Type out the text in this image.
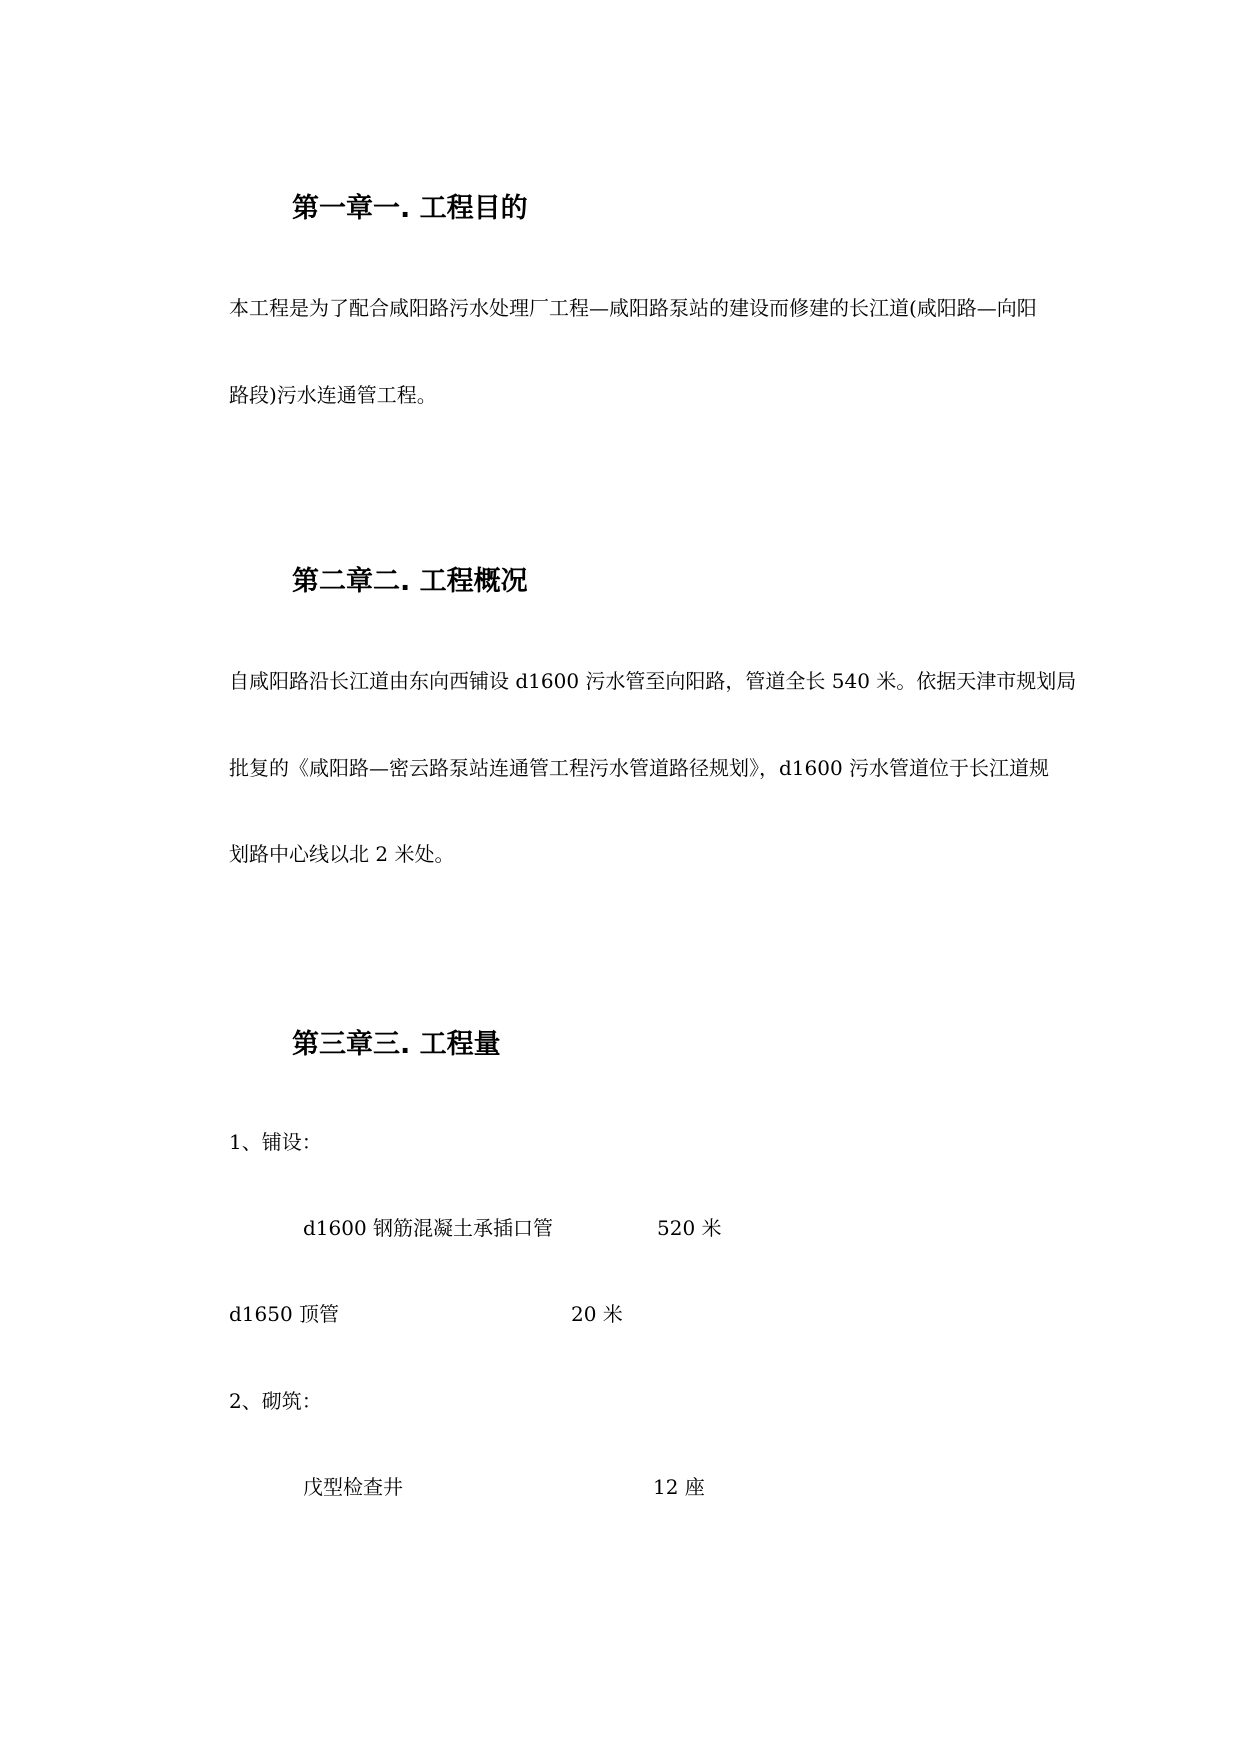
第一章一. 工程目的
本工程是为了配合咸阳路污水处理厂工程—咸阳路泵站的建设而修建的长江道(咸阳路—向阳
路段)污水连通管工程。
第二章二. 工程概况
自咸阳路沿长江道由东向西铺设 d1600 污水管至向阳路，管道全长 540 米。依据天津市规划局
批复的《咸阳路—密云路泵站连通管工程污水管道路径规划》，d1600 污水管道位于长江道规
划路中心线以北 2 米处。
第三章三. 工程量
1、铺设：
d1600 钢筋混凝土承插口管	520 米
d1650 顶管	20 米
2、砌筑：
戊型检查井	12 座
